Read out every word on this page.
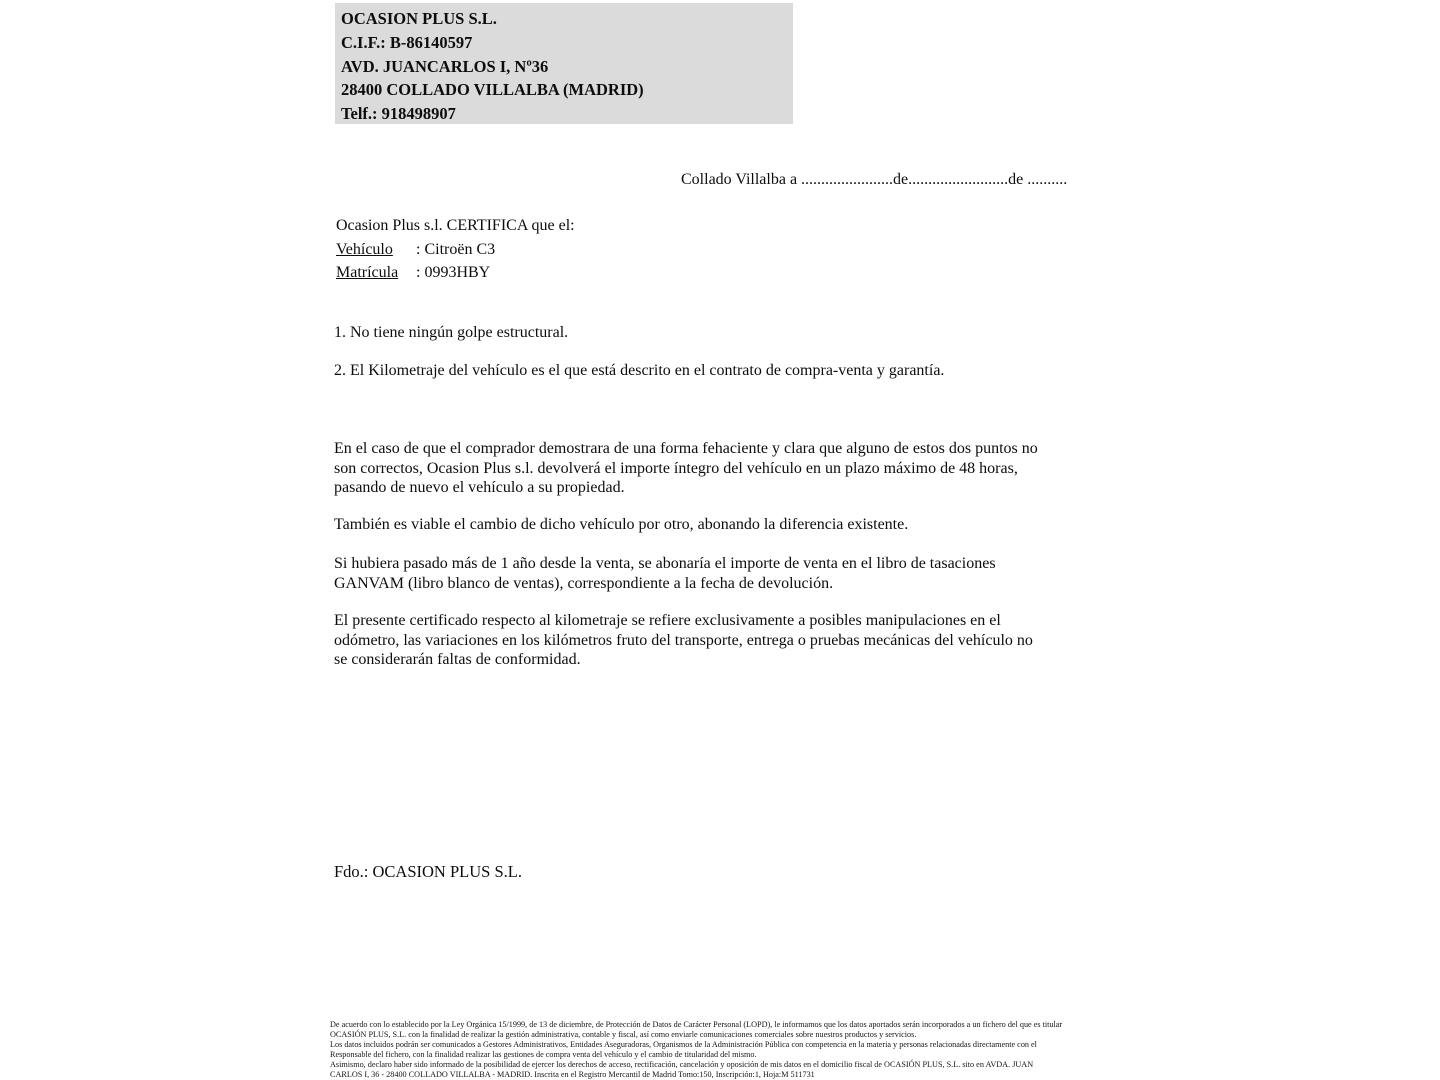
OCASION PLUS S.L.
C.I.F.: B-86140597
AVD. JUANCARLOS I, Nº36
28400 COLLADO VILLALBA (MADRID)
Telf.: 918498907
Collado Villalba a .......................de.........................de ..........
Ocasion Plus s.l. CERTIFICA que el:
Vehículo : Citroën C3
Matrícula : 0993HBY
1. No tiene ningún golpe estructural.
2. El Kilometraje del vehículo es el que está descrito en el contrato de compra-venta y garantía.
En el caso de que el comprador demostrara de una forma fehaciente y clara que alguno de estos dos puntos no
son correctos, Ocasion Plus s.l. devolverá el importe íntegro del vehículo en un plazo máximo de 48 horas,
pasando de nuevo el vehículo a su propiedad.
También es viable el cambio de dicho vehículo por otro, abonando la diferencia existente.
Si hubiera pasado más de 1 año desde la venta, se abonaría el importe de venta en el libro de tasaciones
GANVAM (libro blanco de ventas), correspondiente a la fecha de devolución.
El presente certificado respecto al kilometraje se refiere exclusivamente a posibles manipulaciones en el
odómetro, las variaciones en los kilómetros fruto del transporte, entrega o pruebas mecánicas del vehículo no
se considerarán faltas de conformidad.
Fdo.: OCASION PLUS S.L.
De acuerdo con lo establecido por la Ley Orgánica 15/1999, de 13 de diciembre, de Protección de Datos de Carácter Personal (LOPD), le informamos que los datos aportados serán incorporados a un fichero del que es titular
OCASIÓN PLUS, S.L. con la finalidad de realizar la gestión administrativa, contable y fiscal, así como enviarle comunicaciones comerciales sobre nuestros productos y servicios.
Los datos incluidos podrán ser comunicados a Gestores Administrativos, Entidades Aseguradoras, Organismos de la Administración Pública con competencia en la materia y personas relacionadas directamente con el
Responsable del fichero, con la finalidad realizar las gestiones de compra venta del vehículo y el cambio de titularidad del mismo.
Asimismo, declaro haber sido informado de la posibilidad de ejercer los derechos de acceso, rectificación, cancelación y oposición de mis datos en el domicilio fiscal de OCASIÓN PLUS, S.L. sito en AVDA. JUAN
CARLOS I, 36 - 28400 COLLADO VILLALBA - MADRID. Inscrita en el Registro Mercantil de Madrid Tomo:150, Inscripción:1, Hoja:M 511731
